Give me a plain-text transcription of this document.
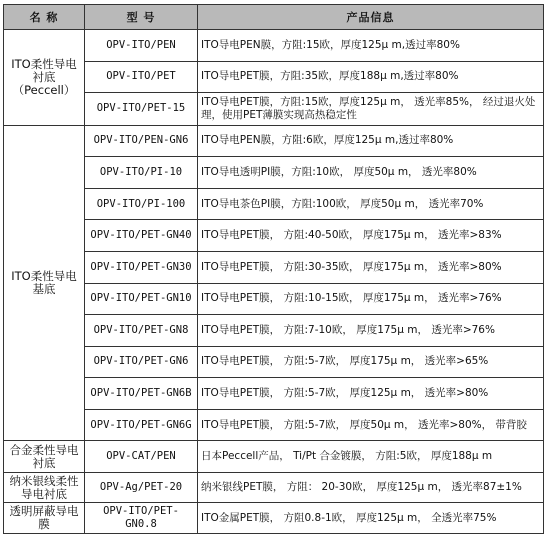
名 称	型 号	产品信息
ITO柔性导电衬底（Peccell）	OPV-ITO/PEN	ITO导电PEN膜，方阻:15欧，厚度125μ m,透过率80%
	OPV-ITO/PET	ITO导电PET膜，方阻:35欧，厚度188μ m,透过率80%
	OPV-ITO/PET-15	ITO导电PET膜，方阻:15欧，厚度125μ m， 透光率85%， 经过退火处理，使用PET薄膜实现高热稳定性
ITO柔性导电基底	OPV-ITO/PEN-GN6	ITO导电PEN膜，方阻:6欧，厚度125μ m,透过率80%
	OPV-ITO/PI-10	ITO导电透明PI膜，方阻:10欧， 厚度50μ m， 透光率80%
	OPV-ITO/PI-100	ITO导电茶色PI膜，方阻:100欧， 厚度50μ m， 透光率70%
	OPV-ITO/PET-GN40	ITO导电PET膜， 方阻:40-50欧， 厚度175μ m， 透光率>83%
	OPV-ITO/PET-GN30	ITO导电PET膜， 方阻:30-35欧， 厚度175μ m， 透光率>80%
	OPV-ITO/PET-GN10	ITO导电PET膜， 方阻:10-15欧， 厚度175μ m， 透光率>76%
	OPV-ITO/PET-GN8	ITO导电PET膜， 方阻:7-10欧， 厚度175μ m， 透光率>76%
	OPV-ITO/PET-GN6	ITO导电PET膜， 方阻:5-7欧， 厚度175μ m， 透光率>65%
	OPV-ITO/PET-GN6B	ITO导电PET膜， 方阻:5-7欧， 厚度125μ m， 透光率>80%
	OPV-ITO/PET-GN6G	ITO导电PET膜， 方阻:5-7欧， 厚度50μ m， 透光率>80%， 带背胶
合金柔性导电衬底	OPV-CAT/PEN	日本Peccell产品， Ti/Pt 合金镀膜， 方阻:5欧， 厚度188μ m
纳米银线柔性导电衬底	OPV-Ag/PET-20	纳米银线PET膜， 方阻： 20-30欧， 厚度125μ m， 透光率87±1%
透明屏蔽导电膜	OPV-ITO/PET-GN0.8	ITO金属PET膜， 方阻0.8-1欧， 厚度125μ m， 全透光率75%
